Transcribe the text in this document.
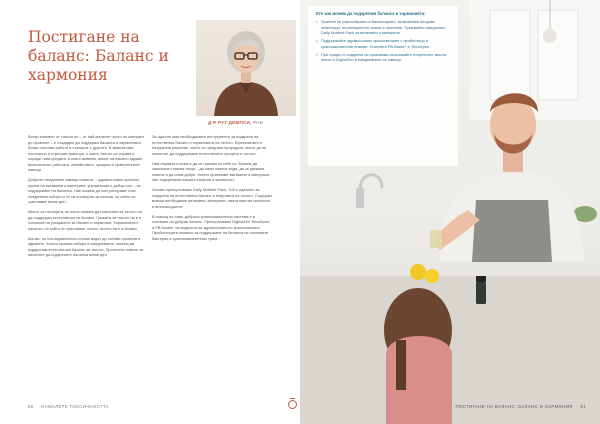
Постигане на баланс: Баланс и хармония
Д-Р РУТ ДЕМПСИ, PHD

Всеки елемент от тялото ни – от най-малките части на клетката до органите – е създаден да поддържа баланса и хармонията. Всяка система работи в съгласие с другите. В живота има постоянни и стресови фактори, с които тялото се справя и поради това средата, в която живеем, влияе на нашето здраве, включително работата, семейството, средата и хранителните навици.

Добрите ежедневни навици помагат – здравословно хранене, прием на витамини и минерали, упражнения и добър сън – за поддържане на баланса. Ние можем да контролираме тези ежедневни избори и те са отговорни за начина, по който се чувстваме всеки ден.

Много са пътищата, по които можем да помогнем на тялото си да поддържа естествения си баланс. Грижата за тялото ни е в основата на усещането за баланс и хармония. Хармонията е начинът, по който се чувстваме, когато тялото ни е в баланс.

Малки, но последователни стъпки водят до големи промени в здравето. Когато правим избори в ежедневието, можем да подкрепим естествения баланс на тялото. Прочетете повече за начините да подкрепите баланса всеки ден.

За щастие има необходимите инструменти за подкрепа на естествения баланс и хармонията на тялото. Ефективните и натурални решения, които ни предлага природата, могат да ни помогнат да поддържаме естествените процеси в тялото.

Най-първата стъпка е да се грижим за себе си. Можем да започнем с малки неща – да пием повече вода, да се движим повече и да спим добре. Когато приемаме витамини и минерали, ние подкрепяме нашата енергия и жизненост.

Затова препоръчваме Daily Nutrient Pack. Той е идеален за подкрепа на естествения баланс и енергията на тялото. Съдържа всички необходими витамини, минерали, омега мастни киселини и антиоксиданти.

В помощ на това, добрата храносмилателна система е в основата на добрия баланс. Препоръчваме DigestZen TerraZyme и PB Assist+ за подкрепа на здравословното храносмилане. Пробиотиците помагат за поддържане на баланса на полезните бактерии в храносмилателния тракт.

60 НАМАЛЕТЕ ТОКСИЧНОСТТА
Ето как можем да подкрепим баланса и хармонията:
• Хранете се разнообразно и балансирано, включвайки плодове, зеленчуци, пълнозърнести храни и протеини. Приемайте ежедневно Daily Nutrient Pack за витамини и минерали.
• Поддържайте здравословно храносмилане с пробиотици и храносмилателни ензими. Опитайте PB Assist+ и TerraZyme.
• При нужда от подкрепа на организма използвайте етеричните масла lemon и DigestZen в ежедневните си навици.
ПОСТИГАНЕ НА БАЛАНС: БАЛАНС И ХАРМОНИЯ 61
